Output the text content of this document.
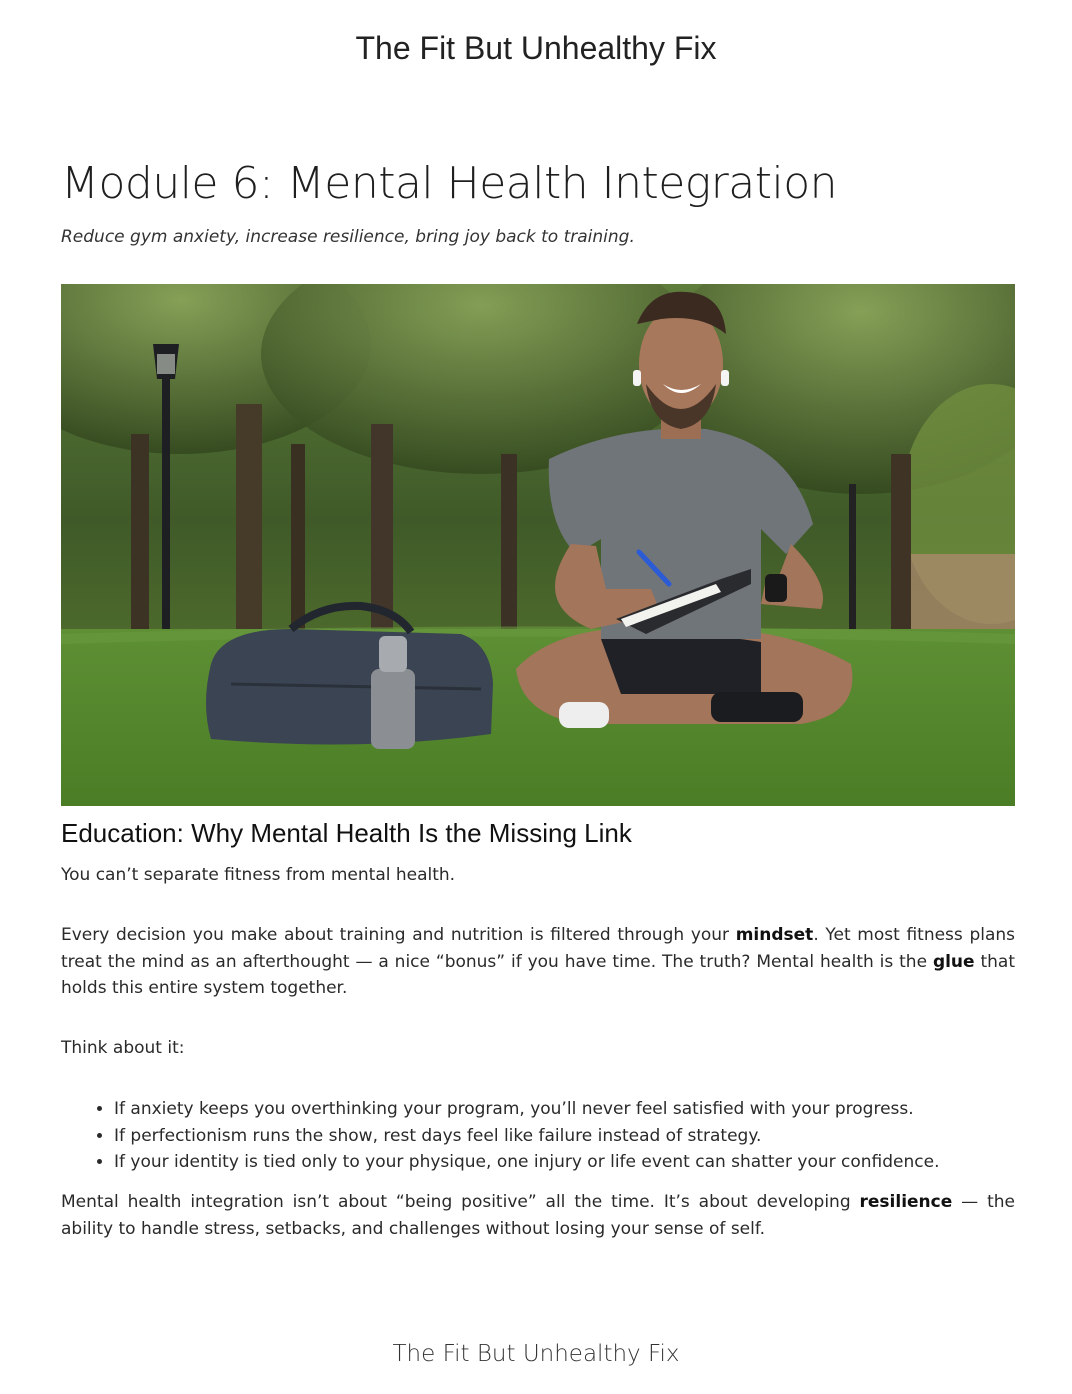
The Fit But Unhealthy Fix
Module 6: Mental Health Integration

Reduce gym anxiety, increase resilience, bring joy back to training.

Education: Why Mental Health Is the Missing Link

You can’t separate fitness from mental health.

Every decision you make about training and nutrition is filtered through your mindset. Yet most fitness plans treat the mind as an afterthought — a nice “bonus” if you have time. The truth? Mental health is the glue that holds this entire system together.

Think about it:

• If anxiety keeps you overthinking your program, you’ll never feel satisfied with your progress.
• If perfectionism runs the show, rest days feel like failure instead of strategy.
• If your identity is tied only to your physique, one injury or life event can shatter your confidence.

Mental health integration isn’t about “being positive” all the time. It’s about developing resilience — the ability to handle stress, setbacks, and challenges without losing your sense of self.

The Fit But Unhealthy Fix
